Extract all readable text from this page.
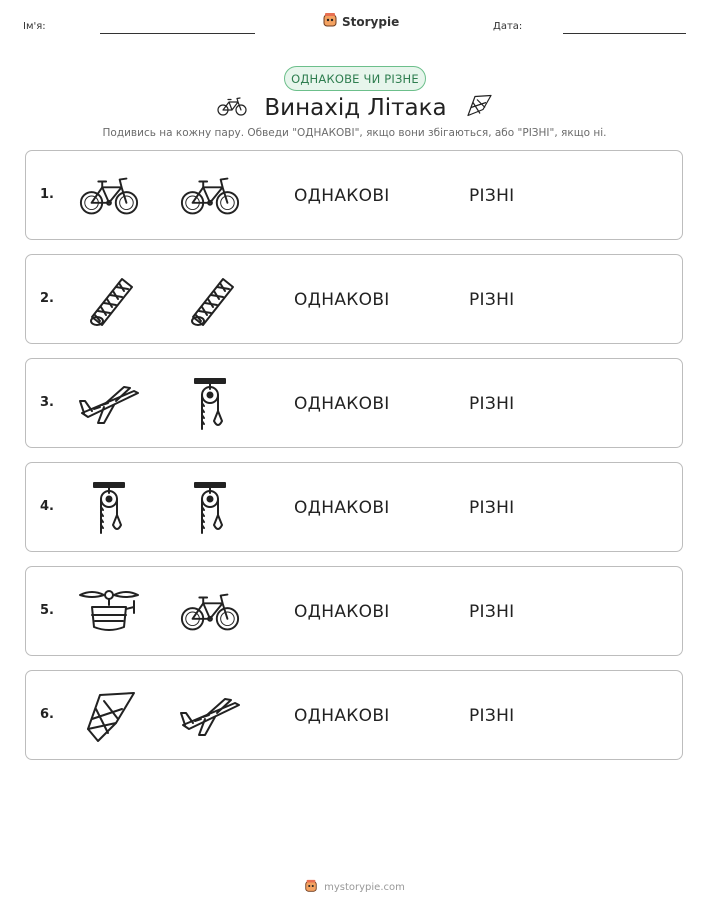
Ім'я:	Storypie	Дата:
ОДНАКОВЕ ЧИ РІЗНЕ
Винахід Літака
Подивись на кожну пару. Обведи "ОДНАКОВІ", якщо вони збігаються, або "РІЗНІ", якщо ні.
1.	ОДНАКОВІ	РІЗНІ
2.	ОДНАКОВІ	РІЗНІ
3.	ОДНАКОВІ	РІЗНІ
4.	ОДНАКОВІ	РІЗНІ
5.	ОДНАКОВІ	РІЗНІ
6.	ОДНАКОВІ	РІЗНІ
mystorypie.com
